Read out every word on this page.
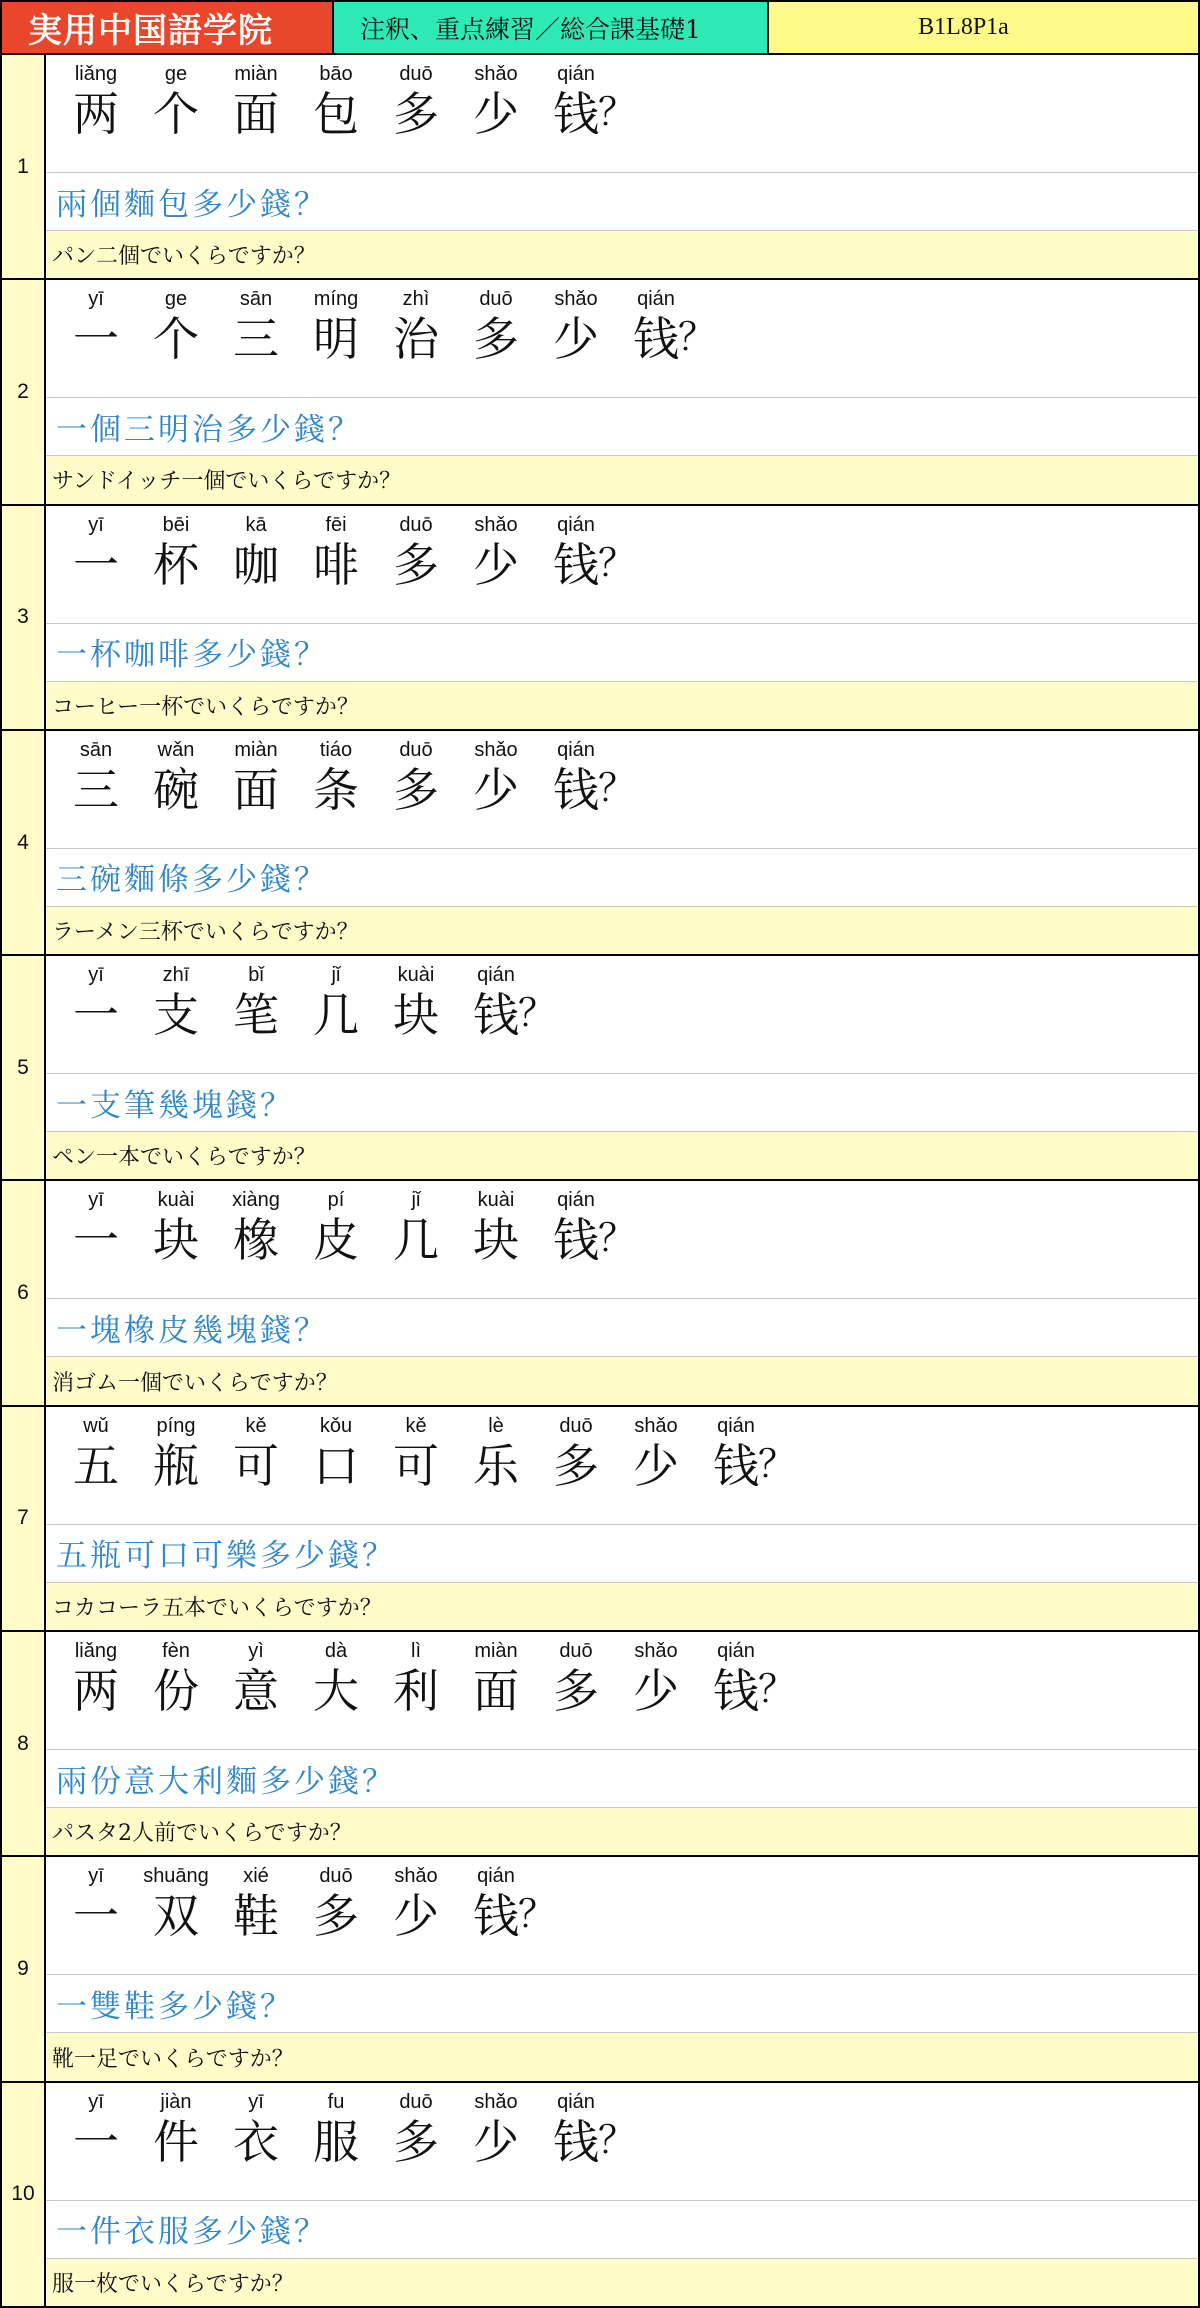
実用中国語学院	注釈、重点練習／総合課基礎1	B1L8P1a
1
liǎng
两
ge
个
miàn
面
bāo
包
duō
多
shǎo
少
qián
钱 ？
兩個麵包多少錢？
パン二個でいくらですか？
2
yī
一
ge
个
sān
三
míng
明
zhì
治
duō
多
shǎo
少
qián
钱 ？
一個三明治多少錢？
サンドイッチ一個でいくらですか？
3
yī
一
bēi
杯
kā
咖
fēi
啡
duō
多
shǎo
少
qián
钱 ？
一杯咖啡多少錢？
コーヒー一杯でいくらですか？
4
sān
三
wǎn
碗
miàn
面
tiáo
条
duō
多
shǎo
少
qián
钱 ？
三碗麵條多少錢？
ラーメン三杯でいくらですか？
5
yī
一
zhī
支
bǐ
笔
jǐ
几
kuài
块
qián
钱 ？
一支筆幾塊錢？
ペン一本でいくらですか？
6
yī
一
kuài
块
xiàng
橡
pí
皮
jǐ
几
kuài
块
qián
钱 ？
一塊橡皮幾塊錢？
消ゴム一個でいくらですか？
7
wǔ
五
píng
瓶
kě
可
kǒu
口
kě
可
lè
乐
duō
多
shǎo
少
qián
钱 ？
五瓶可口可樂多少錢？
コカコーラ五本でいくらですか？
8
liǎng
两
fèn
份
yì
意
dà
大
lì
利
miàn
面
duō
多
shǎo
少
qián
钱 ？
兩份意大利麵多少錢？
パスタ2人前でいくらですか？
9
yī
一
shuāng
双
xié
鞋
duō
多
shǎo
少
qián
钱 ？
一雙鞋多少錢？
靴一足でいくらですか？
10
yī
一
jiàn
件
yī
衣
fu
服
duō
多
shǎo
少
qián
钱 ？
一件衣服多少錢？
服一枚でいくらですか？
